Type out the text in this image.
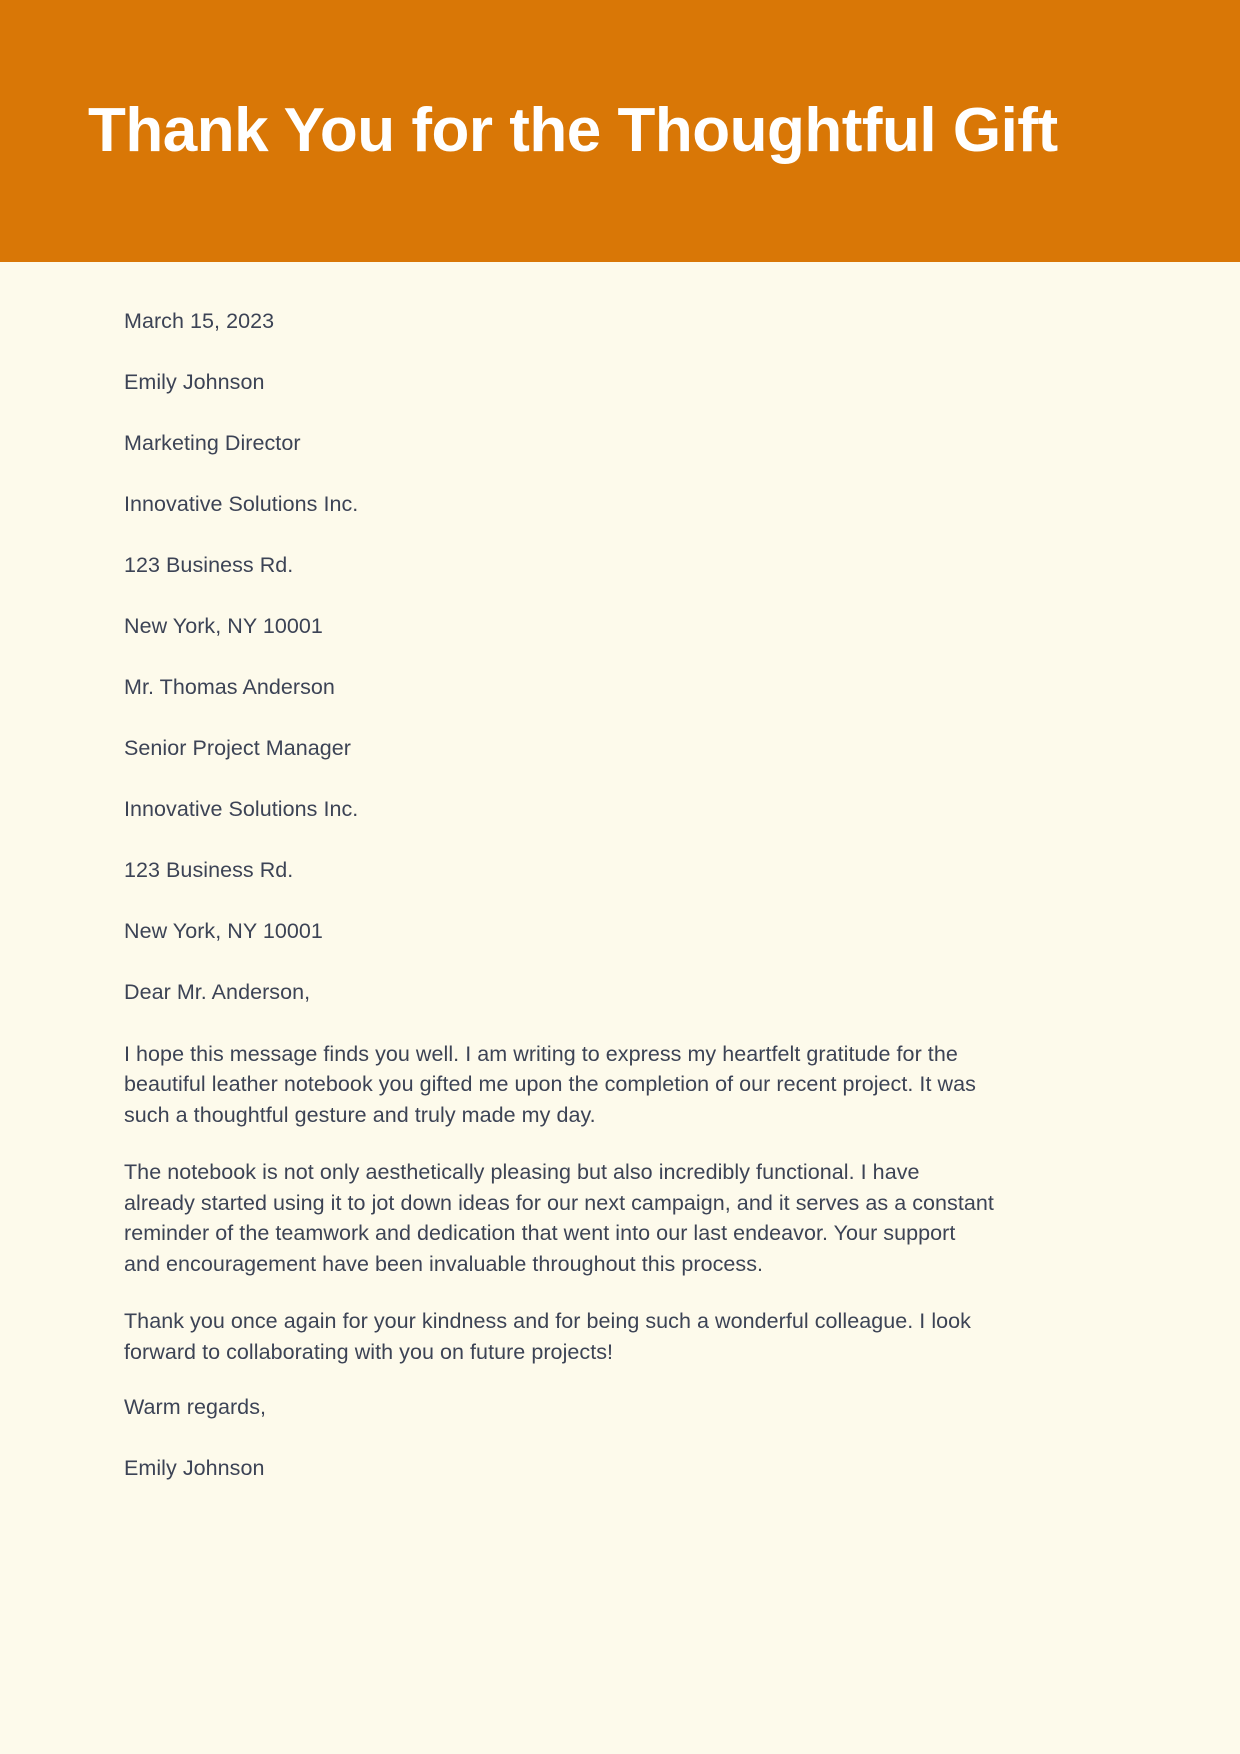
Thank You for the Thoughtful Gift
March 15, 2023
Emily Johnson
Marketing Director
Innovative Solutions Inc.
123 Business Rd.
New York, NY 10001
Mr. Thomas Anderson
Senior Project Manager
Innovative Solutions Inc.
123 Business Rd.
New York, NY 10001
Dear Mr. Anderson,

I hope this message finds you well. I am writing to express my heartfelt gratitude for the beautiful leather notebook you gifted me upon the completion of our recent project. It was such a thoughtful gesture and truly made my day.

The notebook is not only aesthetically pleasing but also incredibly functional. I have already started using it to jot down ideas for our next campaign, and it serves as a constant reminder of the teamwork and dedication that went into our last endeavor. Your support and encouragement have been invaluable throughout this process.

Thank you once again for your kindness and for being such a wonderful colleague. I look forward to collaborating with you on future projects!

Warm regards,
Emily Johnson
